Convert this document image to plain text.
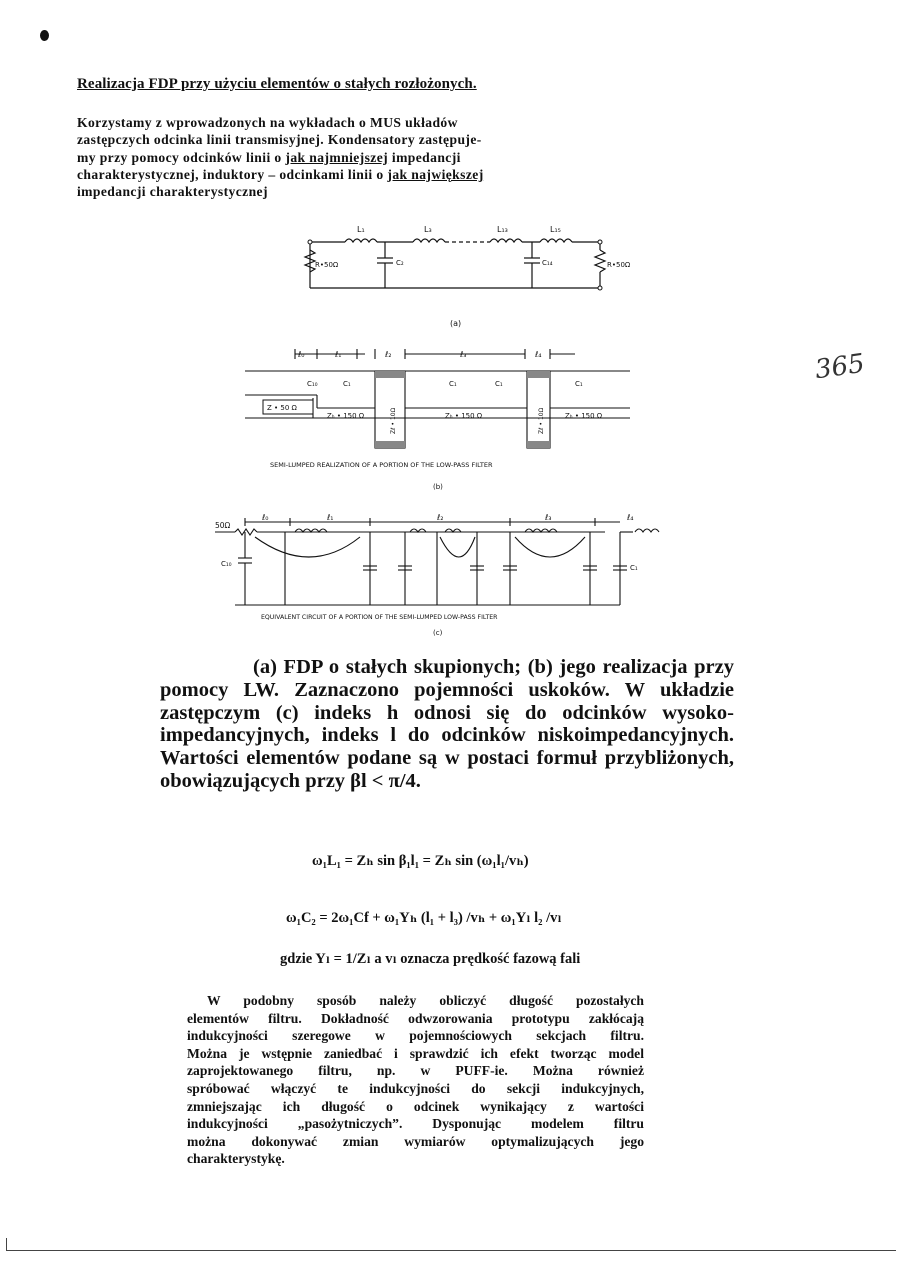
Realizacja FDP przy użyciu elementów o stałych rozłożonych.

Korzystamy z wprowadzonych na wykładach o MUS układów

zastępczych odcinka linii transmisyjnej. Kondensatory zastępuje-

my przy pomocy odcinków linii o jak najmniejszej impedancji

charakterystycznej, induktory – odcinkami linii o jak największej

impedancji charakterystycznej

365
L₁	L₃	L₁₃	L₁₅
C₂	C₁₄
R•50Ω	R•50Ω
(a)
ℓ₀	ℓ₁	ℓ₂	ℓ₃	ℓ₄
C₁₀	C₁	C₁	C₁	C₁
Z • 50 Ω
Zₕ • 150 Ω	Zₕ • 150 Ω	Zₕ • 150 Ω
Zℓ • 10Ω	Zℓ • 10Ω
SEMI-LUMPED REALIZATION OF A PORTION OF THE LOW-PASS FILTER
(b)
50Ω
ℓ₀	ℓ₁	ℓ₂	ℓ₃	ℓ₄
C₁₀	C₁
EQUIVALENT CIRCUIT OF A PORTION OF THE SEMI-LUMPED LOW-PASS FILTER
(c)
(a) FDP o stałych skupionych; (b) jego realizacja przy
pomocy LW. Zaznaczono pojemności uskoków. W układzie
zastępczym (c) indeks h odnosi się do odcinków wysoko-
impedancyjnych, indeks l do odcinków niskoimpedancyjnych.
Wartości elementów podane są w postaci formuł przybliżonych,
obowiązujących przy βl < π/4.
ω₁L₁ = Zₕ sin β₁l₁ = Zₕ sin (ω₁l₁/vₕ)
ω₁C₂ = 2ω₁Cf + ω₁Yₕ (l₁ + l₃) /vₕ + ω₁Yₗ l₂ /vₗ
gdzie Yₗ = 1/Zₗ a vₗ oznacza prędkość fazową fali
W podobny sposób należy obliczyć długość pozostałych
elementów filtru. Dokładność odwzorowania prototypu zakłócają
indukcyjności szeregowe w pojemnościowych sekcjach filtru.
Można je wstępnie zaniedbać i sprawdzić ich efekt tworząc model
zaprojektowanego filtru, np. w PUFF-ie. Można również
spróbować włączyć te indukcyjności do sekcji indukcyjnych,
zmniejszając ich długość o odcinek wynikający z wartości
indukcyjności „pasożytniczych”. Dysponując modelem filtru
można dokonywać zmian wymiarów optymalizujących jego
charakterystykę.
